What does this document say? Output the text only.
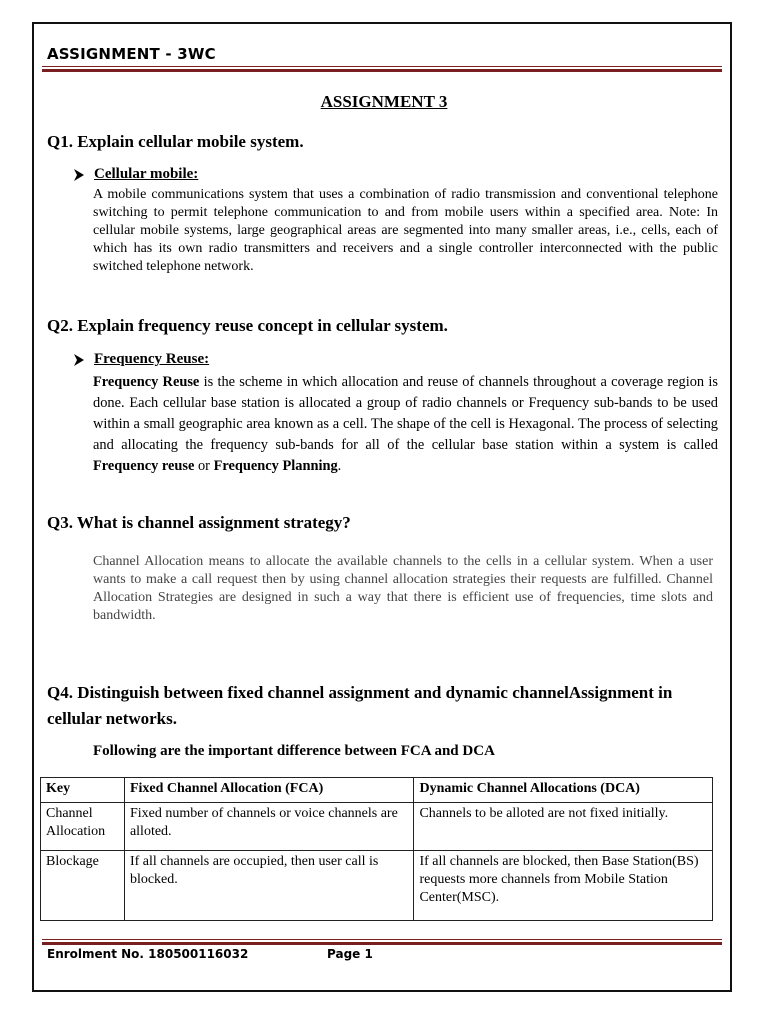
ASSIGNMENT - 3WC
ASSIGNMENT 3
Q1. Explain cellular mobile system.
Cellular mobile:
A mobile communications system that uses a combination of radio transmission and conventional telephone switching to permit telephone communication to and from mobile users within a specified area. Note: In cellular mobile systems, large geographical areas are segmented into many smaller areas, i.e., cells, each of which has its own radio transmitters and receivers and a single controller interconnected with the public switched telephone network.
Q2. Explain frequency reuse concept in cellular system.
Frequency Reuse:
Frequency Reuse is the scheme in which allocation and reuse of channels throughout a coverage region is done. Each cellular base station is allocated a group of radio channels or Frequency sub-bands to be used within a small geographic area known as a cell. The shape of the cell is Hexagonal. The process of selecting and allocating the frequency sub-bands for all of the cellular base station within a system is called Frequency reuse or Frequency Planning.
Q3. What is channel assignment strategy?
Channel Allocation means to allocate the available channels to the cells in a cellular system. When a user wants to make a call request then by using channel allocation strategies their requests are fulfilled. Channel Allocation Strategies are designed in such a way that there is efficient use of frequencies, time slots and bandwidth.
Q4. Distinguish between fixed channel assignment and dynamic channelAssignment in cellular networks.
Following are the important difference between FCA and DCA
Key	Fixed Channel Allocation (FCA)	Dynamic Channel Allocations (DCA)
Channel Allocation	Fixed number of channels or voice channels are alloted.	Channels to be alloted are not fixed initially.
Blockage	If all channels are occupied, then user call is blocked.	If all channels are blocked, then Base Station(BS) requests more channels from Mobile Station Center(MSC).
Enrolment No. 180500116032	Page 1
